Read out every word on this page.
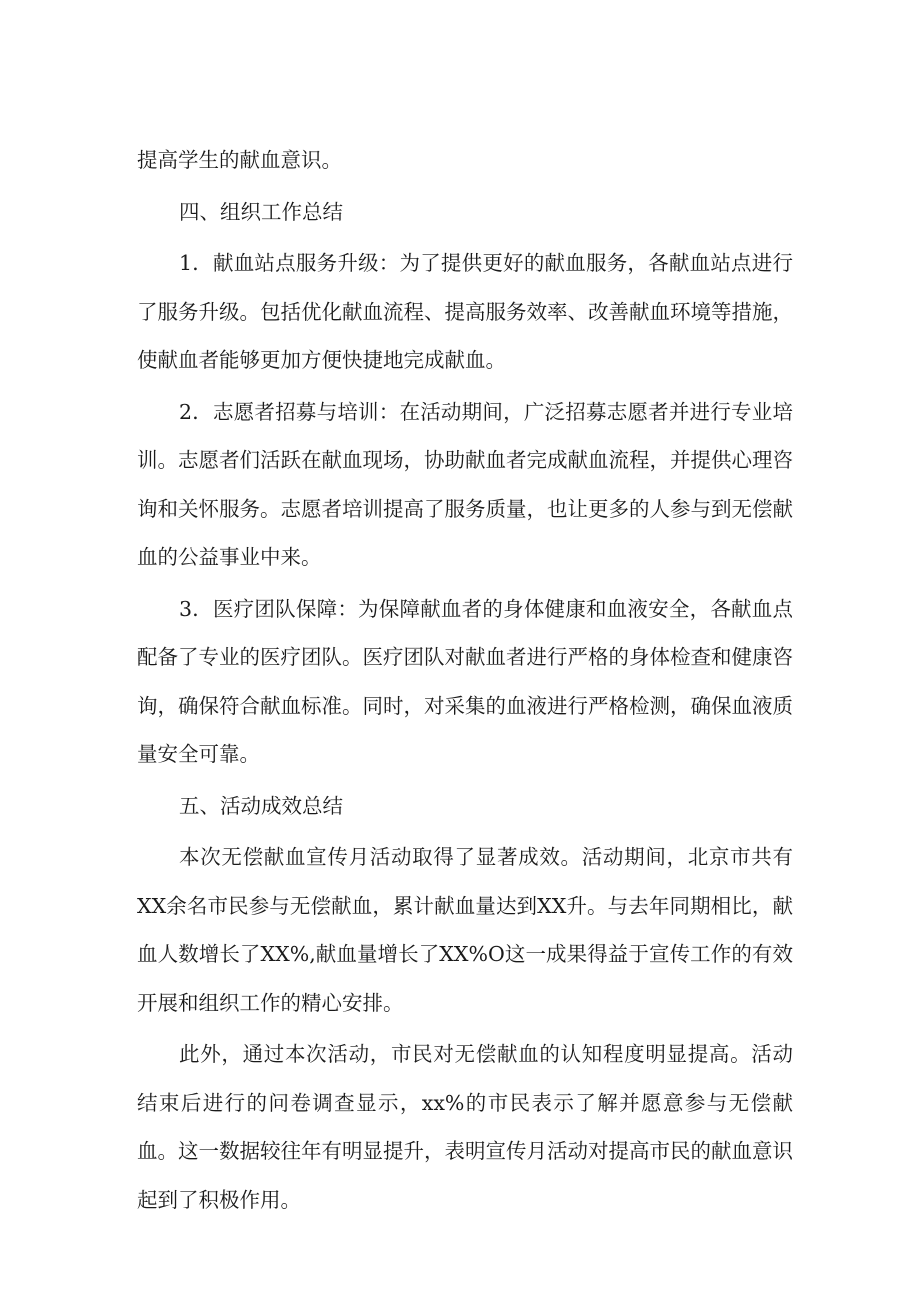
提高学生的献血意识。

四、组织工作总结

1．献血站点服务升级：为了提供更好的献血服务，各献血站点进行了服务升级。包括优化献血流程、提高服务效率、改善献血环境等措施，使献血者能够更加方便快捷地完成献血。

2．志愿者招募与培训：在活动期间，广泛招募志愿者并进行专业培训。志愿者们活跃在献血现场，协助献血者完成献血流程，并提供心理咨询和关怀服务。志愿者培训提高了服务质量，也让更多的人参与到无偿献血的公益事业中来。

3．医疗团队保障：为保障献血者的身体健康和血液安全，各献血点配备了专业的医疗团队。医疗团队对献血者进行严格的身体检查和健康咨询，确保符合献血标准。同时，对采集的血液进行严格检测，确保血液质量安全可靠。

五、活动成效总结

本次无偿献血宣传月活动取得了显著成效。活动期间，北京市共有XX余名市民参与无偿献血，累计献血量达到XX升。与去年同期相比，献血人数增长了XX%,献血量增长了XX%O这一成果得益于宣传工作的有效开展和组织工作的精心安排。

此外，通过本次活动，市民对无偿献血的认知程度明显提高。活动结束后进行的问卷调查显示，xx%的市民表示了解并愿意参与无偿献血。这一数据较往年有明显提升，表明宣传月活动对提高市民的献血意识起到了积极作用。
